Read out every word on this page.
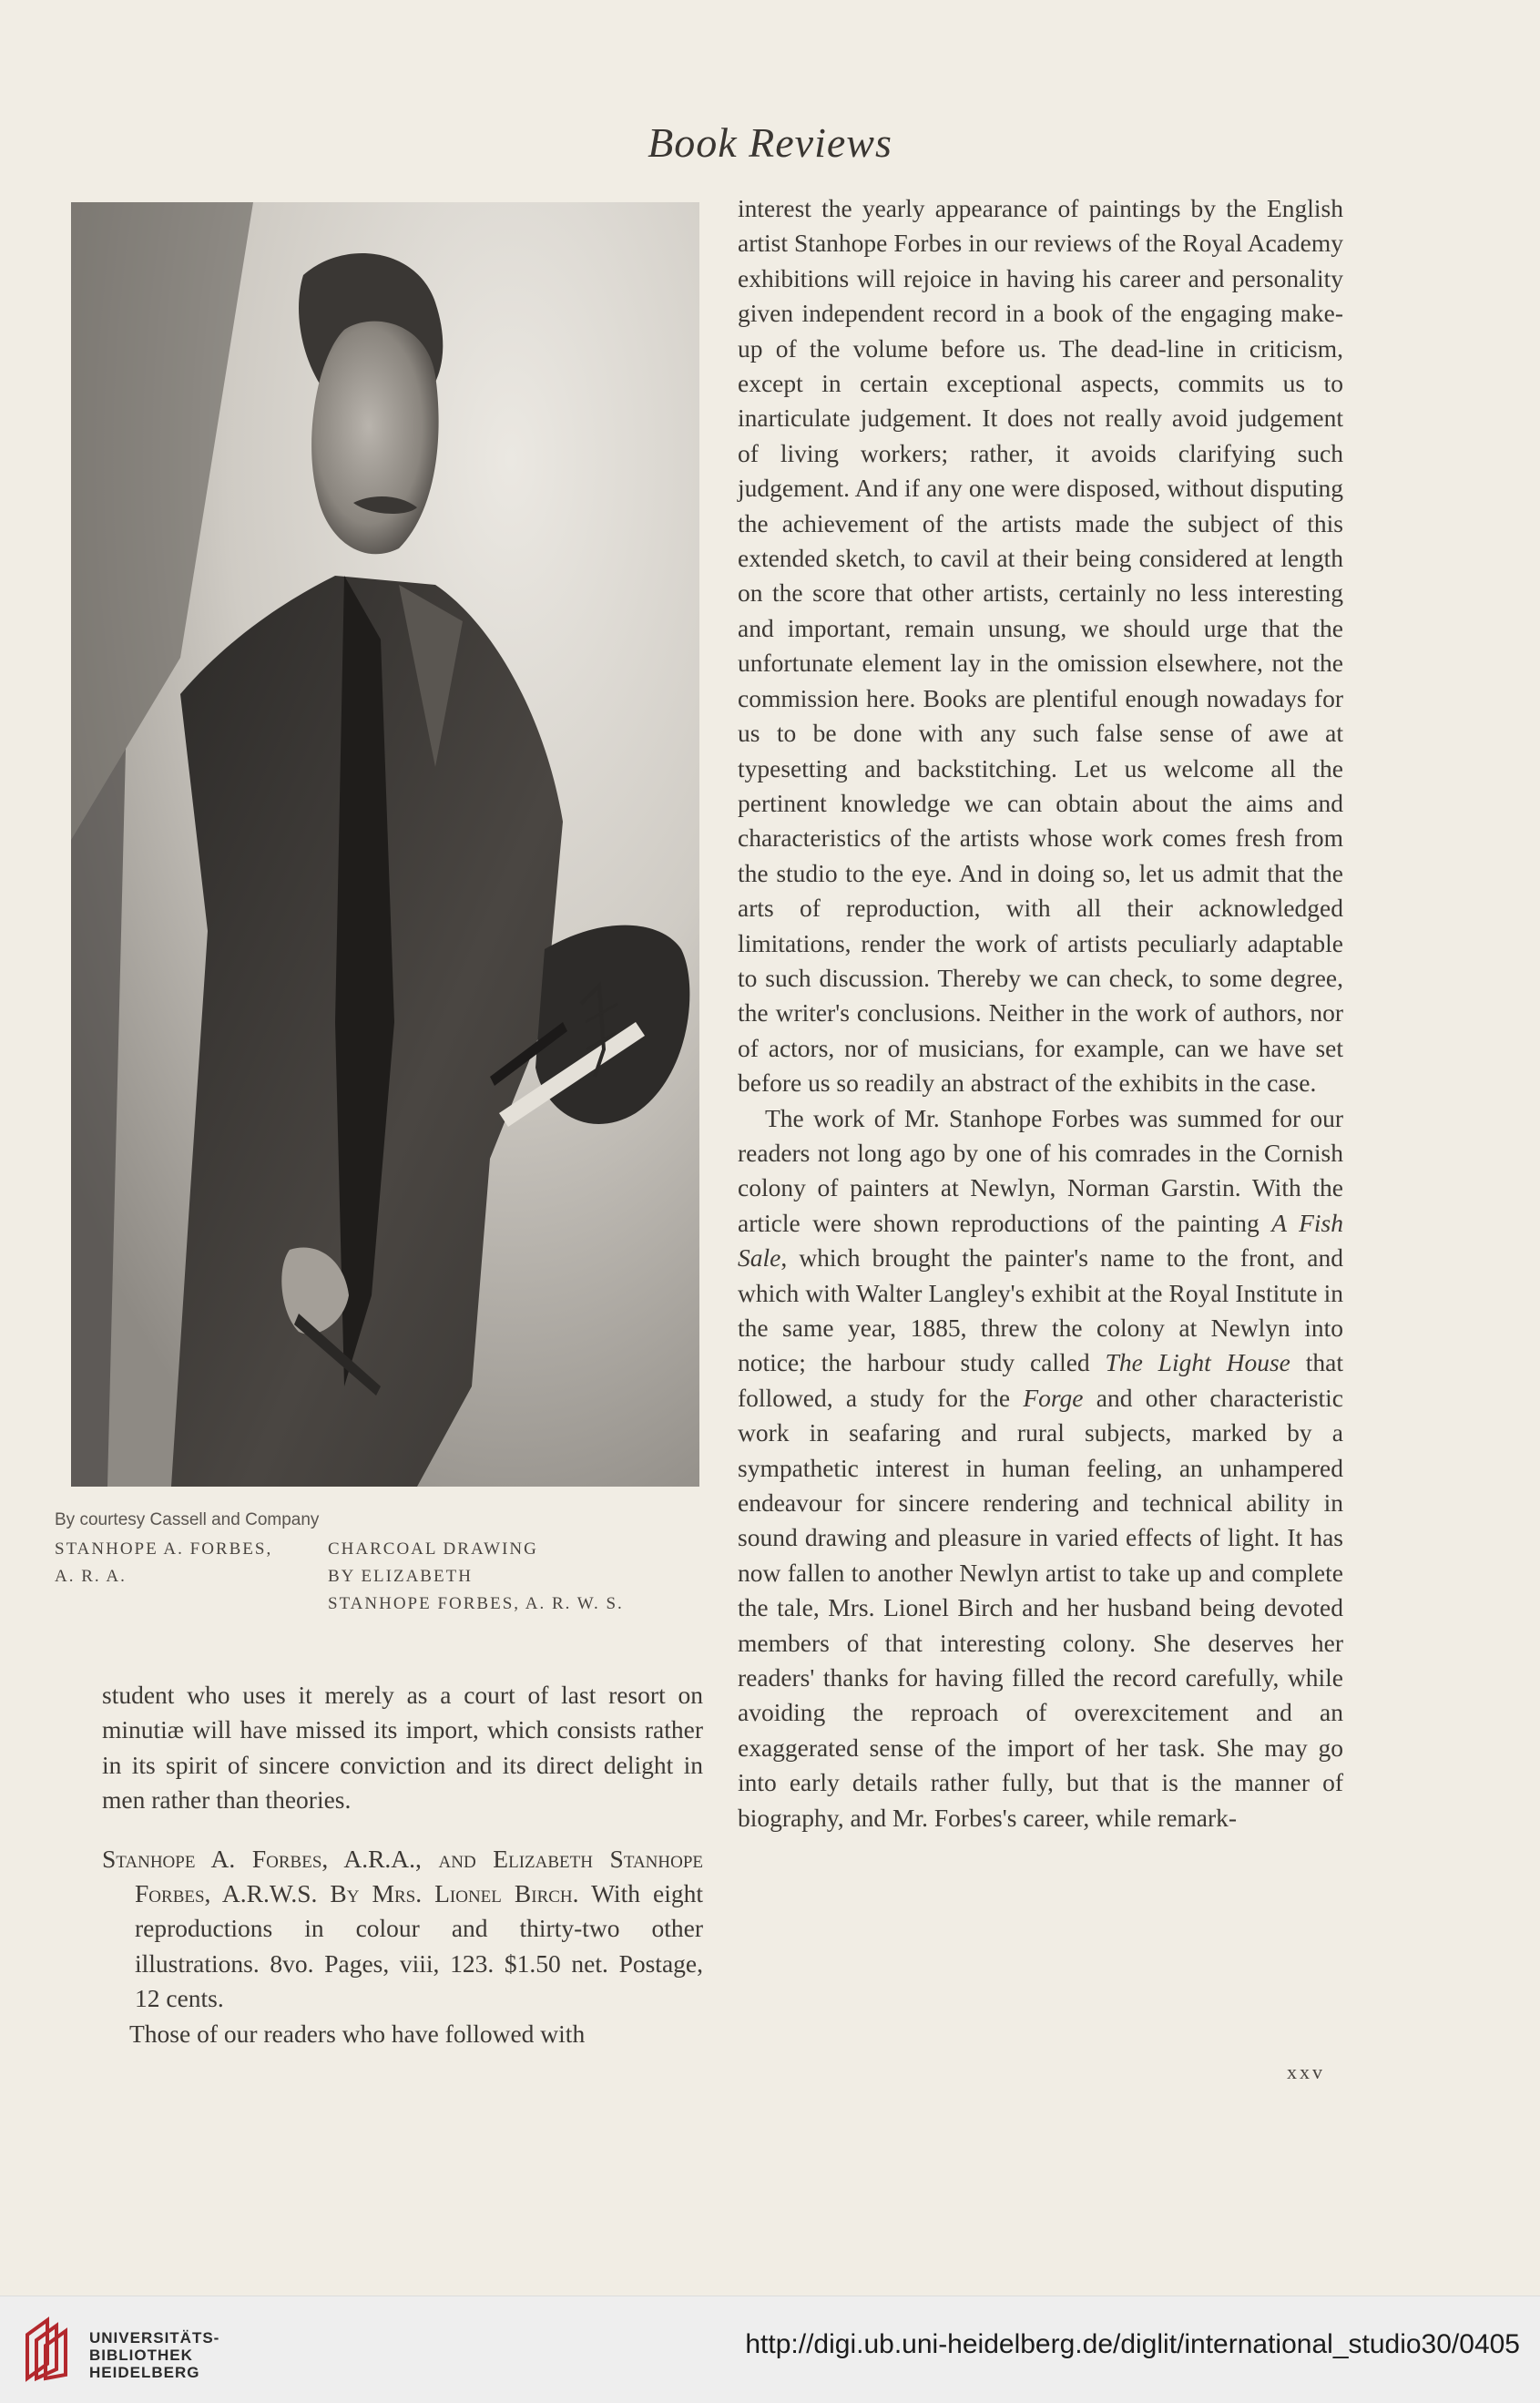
Book Reviews
By courtesy Cassell and Company
STANHOPE A. FORBES,
A. R. A.
CHARCOAL DRAWING
BY ELIZABETH
STANHOPE FORBES, A. R. W. S.

student who uses it merely as a court of last resort on minutiæ will have missed its import, which consists rather in its spirit of sincere conviction and its direct delight in men rather than theories.

Stanhope A. Forbes, A.R.A., and Elizabeth Stanhope Forbes, A.R.W.S. By Mrs. Lionel Birch. With eight reproductions in colour and thirty-two other illustrations. 8vo. Pages, viii, 123. $1.50 net. Postage, 12 cents.

Those of our readers who have followed with

interest the yearly appearance of paintings by the English artist Stanhope Forbes in our reviews of the Royal Academy exhibitions will rejoice in having his career and personality given independent record in a book of the engaging make-up of the volume before us. The dead-line in criticism, except in certain exceptional aspects, commits us to inarticulate judgement. It does not really avoid judgement of living workers; rather, it avoids clarifying such judgement. And if any one were disposed, without disputing the achievement of the artists made the subject of this extended sketch, to cavil at their being considered at length on the score that other artists, certainly no less interesting and important, remain unsung, we should urge that the unfortunate element lay in the omission elsewhere, not the commission here. Books are plentiful enough nowadays for us to be done with any such false sense of awe at typesetting and backstitching. Let us welcome all the pertinent knowledge we can obtain about the aims and characteristics of the artists whose work comes fresh from the studio to the eye. And in doing so, let us admit that the arts of reproduction, with all their acknowledged limitations, render the work of artists peculiarly adaptable to such discussion. Thereby we can check, to some degree, the writer's conclusions. Neither in the work of authors, nor of actors, nor of musicians, for example, can we have set before us so readily an abstract of the exhibits in the case.

The work of Mr. Stanhope Forbes was summed for our readers not long ago by one of his comrades in the Cornish colony of painters at Newlyn, Norman Garstin. With the article were shown reproductions of the painting A Fish Sale, which brought the painter's name to the front, and which with Walter Langley's exhibit at the Royal Institute in the same year, 1885, threw the colony at Newlyn into notice; the harbour study called The Light House that followed, a study for the Forge and other characteristic work in seafaring and rural subjects, marked by a sympathetic interest in human feeling, an unhampered endeavour for sincere rendering and technical ability in sound drawing and pleasure in varied effects of light. It has now fallen to another Newlyn artist to take up and complete the tale, Mrs. Lionel Birch and her husband being devoted members of that interesting colony. She deserves her readers' thanks for having filled the record carefully, while avoiding the reproach of overexcitement and an exaggerated sense of the import of her task. She may go into early details rather fully, but that is the manner of biography, and Mr. Forbes's career, while remark-

xxv
UNIVERSITÄTS-
BIBLIOTHEK
HEIDELBERG
http://digi.ub.uni-heidelberg.de/diglit/international_studio30/0405
